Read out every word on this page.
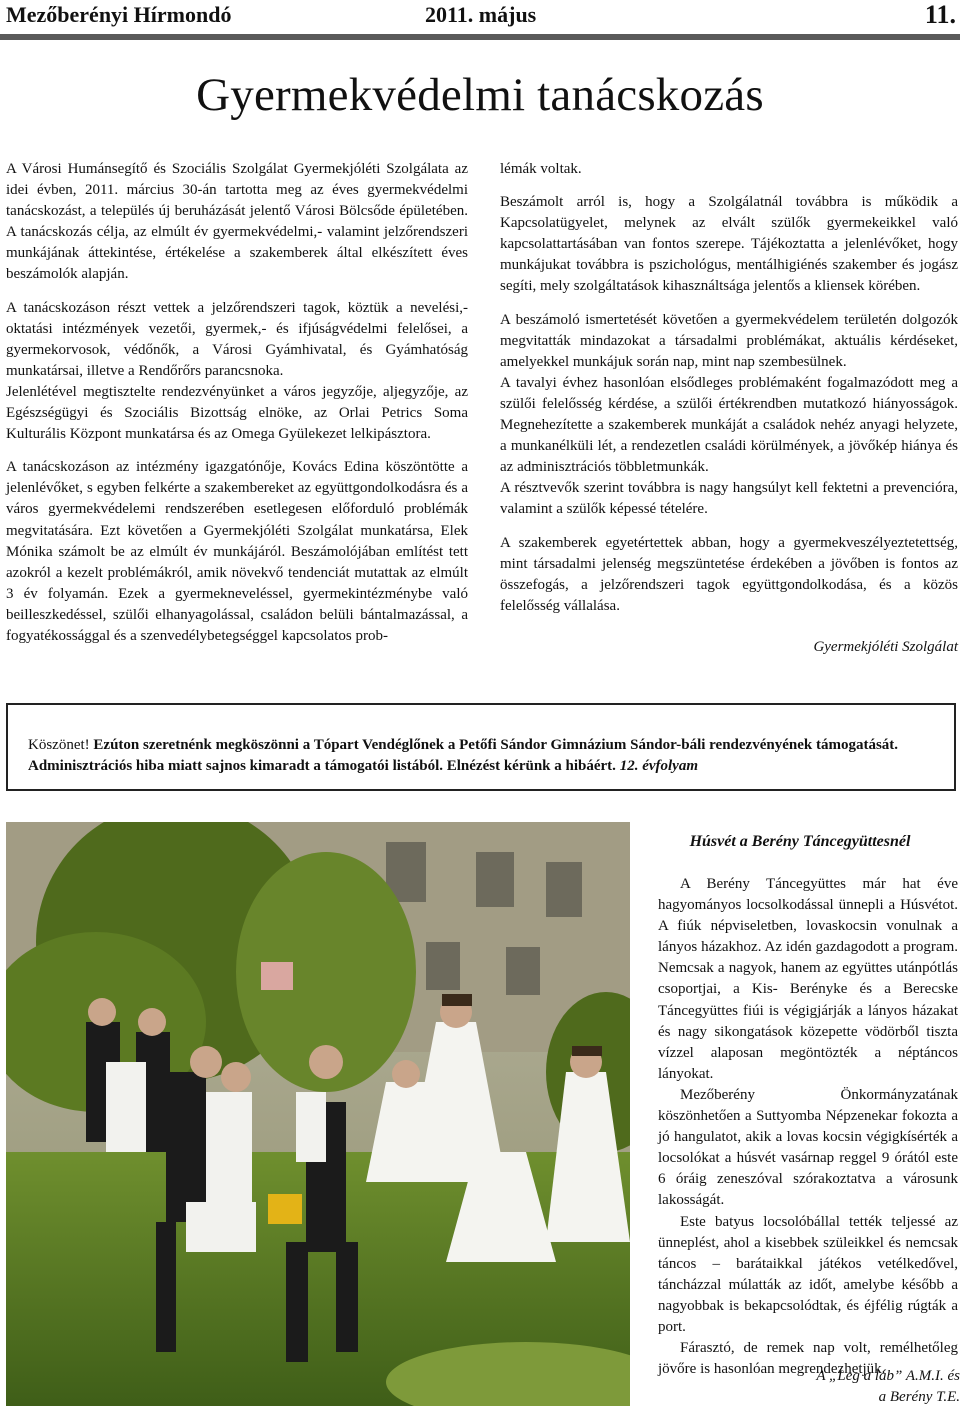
Mezőberényi Hírmondó	2011. május	11.
Gyermekvédelmi tanácskozás

A Városi Humánsegítő és Szociális Szolgálat Gyermekjóléti Szolgálata az idei évben, 2011. március 30-án tartotta meg az éves gyermekvédelmi tanácskozást, a település új beruházását jelentő Városi Bölcsőde épületében. A tanácskozás célja, az elmúlt év gyermekvédelmi,- valamint jelzőrendszeri munkájának áttekintése, értékelése a szakemberek által elkészített éves beszámolók alapján.

A tanácskozáson részt vettek a jelzőrendszeri tagok, köztük a nevelési,- oktatási intézmények vezetői, gyermek,- és ifjúságvédelmi felelősei, a gyermekorvosok, védőnők, a Városi Gyámhivatal, és Gyámhatóság munkatársai, illetve a Rendőrőrs parancsnoka.

Jelenlétével megtisztelte rendezvényünket a város jegyzője, aljegyzője, az Egészségügyi és Szociális Bizottság elnöke, az Orlai Petrics Soma Kulturális Központ munkatársa és az Omega Gyülekezet lelkipásztora.

A tanácskozáson az intézmény igazgatónője, Kovács Edina köszöntötte a jelenlévőket, s egyben felkérte a szakembereket az együttgondolkodásra és a város gyermekvédelemi rendszerében esetlegesen előforduló problémák megvitatására. Ezt követően a Gyermekjóléti Szolgálat munkatársa, Elek Mónika számolt be az elmúlt év munkájáról. Beszámolójában említést tett azokról a kezelt problémákról, amik növekvő tendenciát mutattak az elmúlt 3 év folyamán. Ezek a gyermekneveléssel, gyermekintézménybe való beilleszkedéssel, szülői elhanyagolással, családon belüli bántalmazással, a fogyatékossággal és a szenvedélybetegséggel kapcsolatos prob-

lémák voltak.

Beszámolt arról is, hogy a Szolgálatnál továbbra is működik a Kapcsolatügyelet, melynek az elvált szülők gyermekeikkel való kapcsolattartásában van fontos szerepe. Tájékoztatta a jelenlévőket, hogy munkájukat továbbra is pszichológus, mentálhigiénés szakember és jogász segíti, mely szolgáltatások kihasználtsága jelentős a kliensek körében.

A beszámoló ismertetését követően a gyermekvédelem területén dolgozók megvitatták mindazokat a társadalmi problémákat, aktuális kérdéseket, amelyekkel munkájuk során nap, mint nap szembesülnek.

A tavalyi évhez hasonlóan elsődleges problémaként fogalmazódott meg a szülői felelősség kérdése, a szülői értékrendben mutatkozó hiányosságok. Megnehezítette a szakemberek munkáját a családok nehéz anyagi helyzete, a munkanélküli lét, a rendezetlen családi körülmények, a jövőkép hiánya és az adminisztrációs többletmunkák.

A résztvevők szerint továbbra is nagy hangsúlyt kell fektetni a prevencióra, valamint a szülők képessé tételére.

A szakemberek egyetértettek abban, hogy a gyermekveszélyeztetettség, mint társadalmi jelenség megszüntetése érdekében a jövőben is fontos az összefogás, a jelzőrendszeri tagok együttgondolkodása, és a közös felelősség vállalása.

Gyermekjóléti Szolgálat

Köszönet! Ezúton szeretnénk megköszönni a Tópart Vendéglőnek a Petőfi Sándor Gimnázium Sándor-báli rendezvényének támogatását. Adminisztrációs hiba miatt sajnos kimaradt a támogatói listából. Elnézést kérünk a hibáért. 12. évfolyam
Húsvét a Berény Táncegyüttesnél

A Berény Táncegyüttes már hat éve hagyományos locsolkodással ünnepli a Húsvétot. A fiúk népviseletben, lovaskocsin vonulnak a lányos házakhoz. Az idén gazdagodott a program. Nemcsak a nagyok, hanem az együttes utánpótlás csoportjai, a Kis- Berényke és a Berecske Táncegyüttes fiúi is végigjárják a lányos házakat és nagy sikongatások közepette vödörből tiszta vízzel alaposan megöntözték a néptáncos lányokat.

Mezőberény Önkormányzatának köszönhetően a Suttyomba Népzenekar fokozta a jó hangulatot, akik a lovas kocsin végigkísérték a locsolókat a húsvét vasárnap reggel 9 órától este 6 óráig zeneszóval szórakoztatva a városunk lakosságát.

Este batyus locsolóbállal tették teljessé az ünneplést, ahol a kisebbek szüleikkel és nemcsak táncos – barátaikkal játékos vetélkedővel, táncházzal múlatták az időt, amelybe később a nagyobbak is bekapcsolódtak, és éjfélig rúgták a port.

Fárasztó, de remek nap volt, remélhetőleg jövőre is hasonlóan megrendezhetjük.

A „Leg a láb” A.M.I. és
a Berény T.E.
